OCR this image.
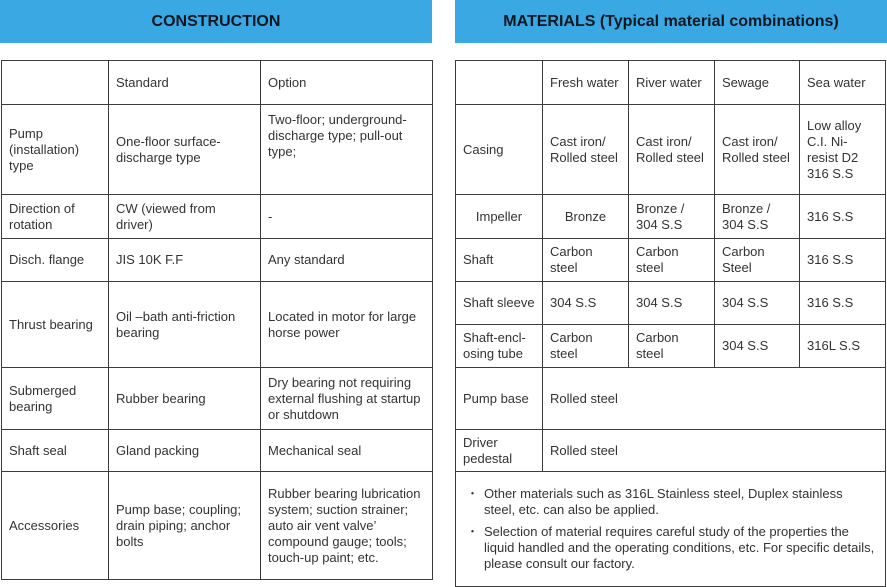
CONSTRUCTION	MATERIALS (Typical material combinations)
	Standard	Option
Pump (installation) type	One-floor surface-discharge type	Two-floor; underground-discharge type; pull-out type;
Direction of rotation	CW (viewed from driver)	-
Disch. flange	JIS 10K F.F	Any standard
Thrust bearing	Oil –bath anti-friction bearing	Located in motor for large horse power
Submerged bearing	Rubber bearing	Dry bearing not requiring external flushing at startup or shutdown
Shaft seal	Gland packing	Mechanical seal
Accessories	Pump base; coupling; drain piping; anchor bolts	Rubber bearing lubrication system; suction strainer; auto air vent valve’ compound gauge; tools; touch-up paint; etc.
	Fresh water	River water	Sewage	Sea water
Casing	Cast iron/ Rolled steel	Cast iron/ Rolled steel	Cast iron/ Rolled steel	Low alloy C.I. Ni-resist D2 316 S.S
Impeller	Bronze	Bronze / 304 S.S	Bronze / 304 S.S	316 S.S
Shaft	Carbon steel	Carbon steel	Carbon Steel	316 S.S
Shaft sleeve	304 S.S	304 S.S	304 S.S	316 S.S
Shaft-encl-osing tube	Carbon steel	Carbon steel	304 S.S	316L S.S
Pump base	Rolled steel			
Driver pedestal	Rolled steel			

・ Other materials such as 316L Stainless steel, Duplex stainless steel, etc. can also be applied.
・ Selection of material requires careful study of the properties the liquid handled and the operating conditions, etc. For specific details, please consult our factory.				
